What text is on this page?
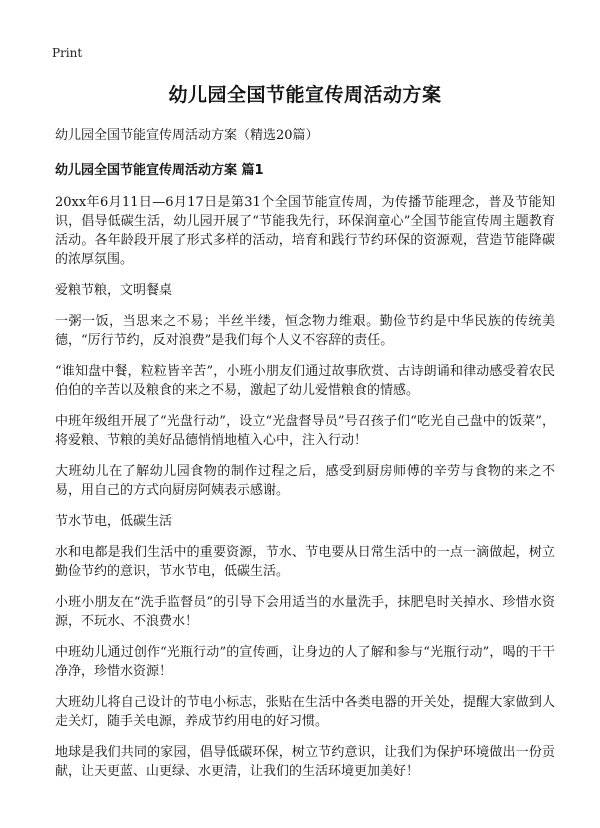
Print
幼儿园全国节能宣传周活动方案
幼儿园全国节能宣传周活动方案（精选20篇）
幼儿园全国节能宣传周活动方案 篇1

20xx年6月11日—6月17日是第31个全国节能宣传周，为传播节能理念，普及节能知识，倡导低碳生活，幼儿园开展了“节能我先行，环保润童心”全国节能宣传周主题教育活动。各年龄段开展了形式多样的活动，培育和践行节约环保的资源观，营造节能降碳的浓厚氛围。

爱粮节粮，文明餐桌

一粥一饭，当思来之不易；半丝半缕，恒念物力维艰。勤俭节约是中华民族的传统美德，“厉行节约，反对浪费”是我们每个人义不容辞的责任。

“谁知盘中餐，粒粒皆辛苦”，小班小朋友们通过故事欣赏、古诗朗诵和律动感受着农民伯伯的辛苦以及粮食的来之不易，激起了幼儿爱惜粮食的情感。

中班年级组开展了“光盘行动”，设立“光盘督导员”号召孩子们“吃光自己盘中的饭菜”，将爱粮、节粮的美好品德悄悄地植入心中，注入行动！

大班幼儿在了解幼儿园食物的制作过程之后，感受到厨房师傅的辛劳与食物的来之不易，用自己的方式向厨房阿姨表示感谢。

节水节电，低碳生活

水和电都是我们生活中的重要资源，节水、节电要从日常生活中的一点一滴做起，树立勤俭节约的意识，节水节电，低碳生活。

小班小朋友在“洗手监督员”的引导下会用适当的水量洗手，抹肥皂时关掉水、珍惜水资源，不玩水、不浪费水！

中班幼儿通过创作“光瓶行动”的宣传画，让身边的人了解和参与“光瓶行动”，喝的干干净净，珍惜水资源！

大班幼儿将自己设计的节电小标志，张贴在生活中各类电器的开关处，提醒大家做到人走关灯，随手关电源，养成节约用电的好习惯。

地球是我们共同的家园，倡导低碳环保，树立节约意识，让我们为保护环境做出一份贡献，让天更蓝、山更绿、水更清，让我们的生活环境更加美好！
